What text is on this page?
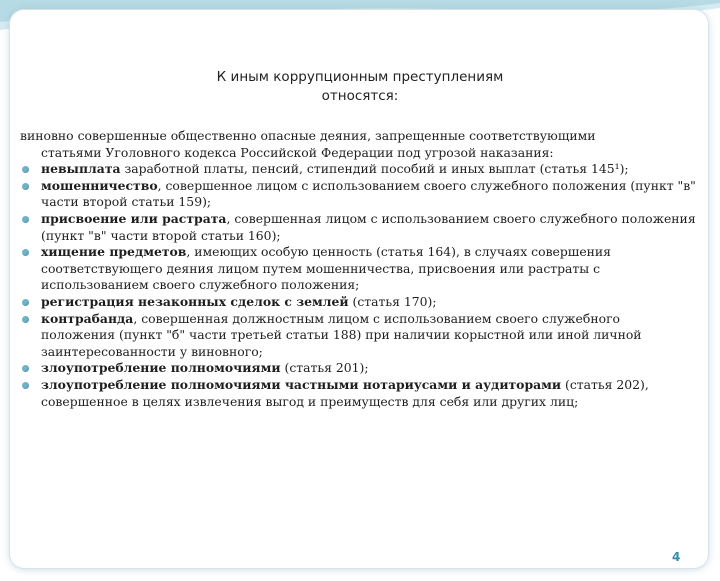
К иным коррупционным преступлениям
относятся:
виновно совершенные общественно опасные деяния, запрещенные соответствующими
статьями Уголовного кодекса Российской Федерации под угрозой наказания:
невыплата заработной платы, пенсий, стипендий пособий и иных выплат (статья 145¹);
мошенничество, совершенное лицом с использованием своего служебного положения (пункт "в" части второй статьи 159);
присвоение или растрата, совершенная лицом с использованием своего служебного положения (пункт "в" части второй статьи 160);
хищение предметов, имеющих особую ценность (статья 164), в случаях совершения соответствующего деяния лицом путем мошенничества, присвоения или растраты с использованием своего служебного положения;
регистрация незаконных сделок с землей (статья 170);
контрабанда, совершенная должностным лицом с использованием своего служебного положения (пункт "б" части третьей статьи 188) при наличии корыстной или иной личной заинтересованности у виновного;
злоупотребление полномочиями (статья 201);
злоупотребление полномочиями частными нотариусами и аудиторами (статья 202), совершенное в целях извлечения выгод и преимуществ для себя или других лиц;
4
